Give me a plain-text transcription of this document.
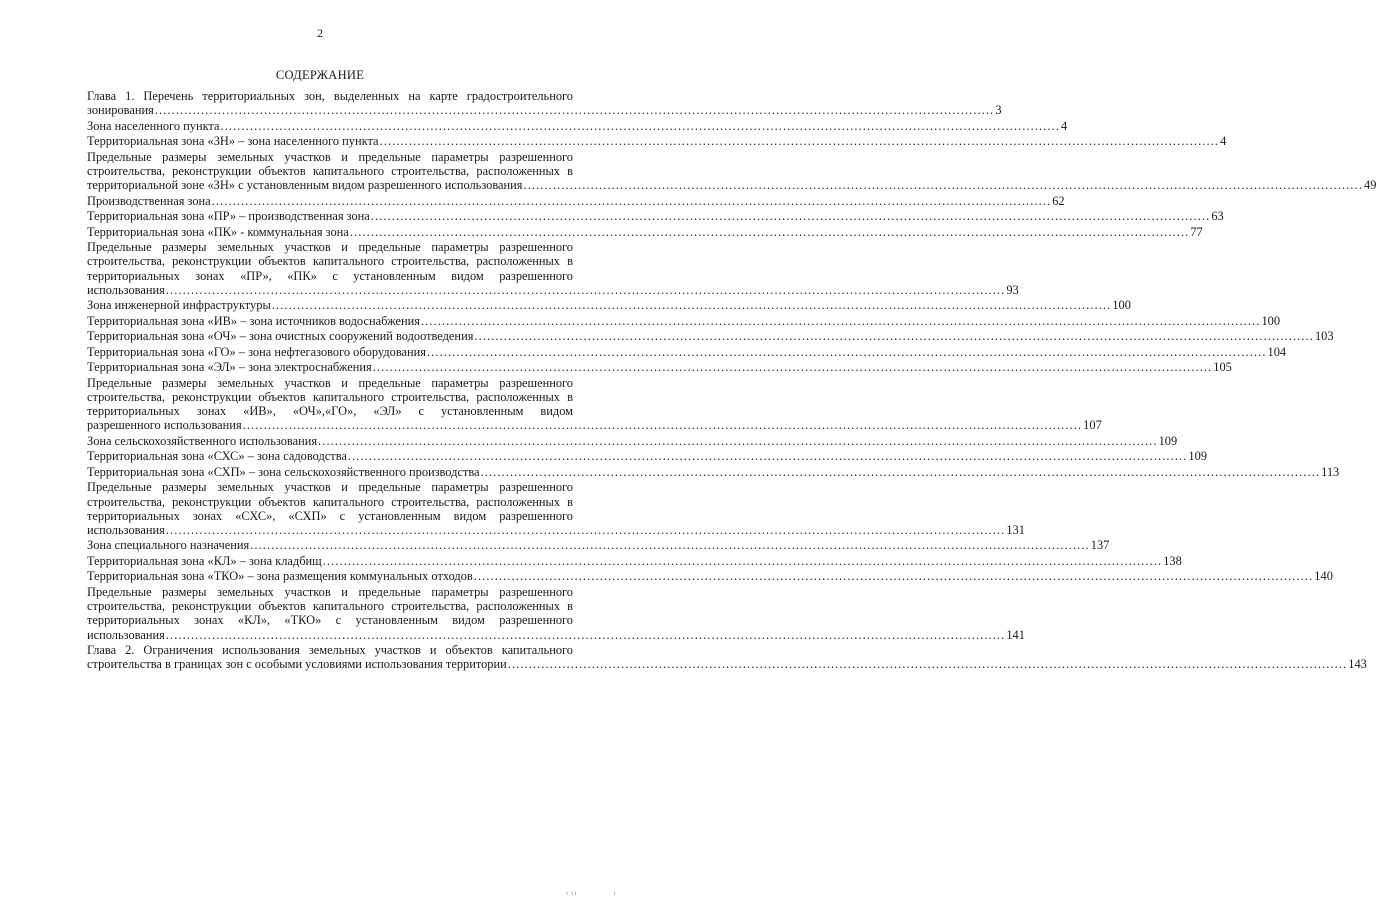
2
СОДЕРЖАНИЕ
Глава 1. Перечень территориальных зон, выделенных на карте градостроительного
зонирования ........................................................................................................................................................................................................ 3
Зона населенного пункта ........................................................................................................................................................................................................ 4
Территориальная зона «ЗН» – зона населенного пункта ........................................................................................................................................................................................................ 4
Предельные размеры земельных участков и предельные параметры разрешенного
строительства, реконструкции объектов капитального строительства, расположенных в
территориальной зоне «ЗН» с установленным видом разрешенного использования ........................................................................................................................................................................................................ 49
Производственная зона ........................................................................................................................................................................................................ 62
Территориальная зона «ПР» – производственная зона ........................................................................................................................................................................................................ 63
Территориальная зона «ПК» - коммунальная зона ........................................................................................................................................................................................................ 77
Предельные размеры земельных участков и предельные параметры разрешенного
строительства, реконструкции объектов капитального строительства, расположенных в
территориальных зонах «ПР», «ПК» с установленным видом разрешенного
использования ........................................................................................................................................................................................................ 93
Зона инженерной инфраструктуры ........................................................................................................................................................................................................ 100
Территориальная зона «ИВ» – зона источников водоснабжения ........................................................................................................................................................................................................ 100
Территориальная зона «ОЧ» – зона очистных сооружений водоотведения ........................................................................................................................................................................................................ 103
Территориальная зона «ГО» – зона нефтегазового оборудования ........................................................................................................................................................................................................ 104
Территориальная зона «ЭЛ» – зона электроснабжения ........................................................................................................................................................................................................ 105
Предельные размеры земельных участков и предельные параметры разрешенного
строительства, реконструкции объектов капитального строительства, расположенных в
территориальных зонах «ИВ», «ОЧ»,«ГО», «ЭЛ» с установленным видом
разрешенного использования ........................................................................................................................................................................................................ 107
Зона сельскохозяйственного использования ........................................................................................................................................................................................................ 109
Территориальная зона «СХС» – зона садоводства ........................................................................................................................................................................................................ 109
Территориальная зона «СХП» – зона сельскохозяйственного производства ........................................................................................................................................................................................................ 113
Предельные размеры земельных участков и предельные параметры разрешенного
строительства, реконструкции объектов капитального строительства, расположенных в
территориальных зонах «СХС», «СХП» с установленным видом разрешенного
использования ........................................................................................................................................................................................................ 131
Зона специального назначения ........................................................................................................................................................................................................ 137
Территориальная зона «КЛ» – зона кладбищ ........................................................................................................................................................................................................ 138
Территориальная зона «ТКО» – зона размещения коммунальных отходов ........................................................................................................................................................................................................ 140
Предельные размеры земельных участков и предельные параметры разрешенного
строительства, реконструкции объектов капитального строительства, расположенных в
территориальных зонах «КЛ», «ТКО» с установленным видом разрешенного
использования ........................................................................................................................................................................................................ 141
Глава 2. Ограничения использования земельных участков и объектов капитального
строительства в границах зон с особыми условиями использования территории ........................................................................................................................................................................................................ 143
ı ıı	ı
